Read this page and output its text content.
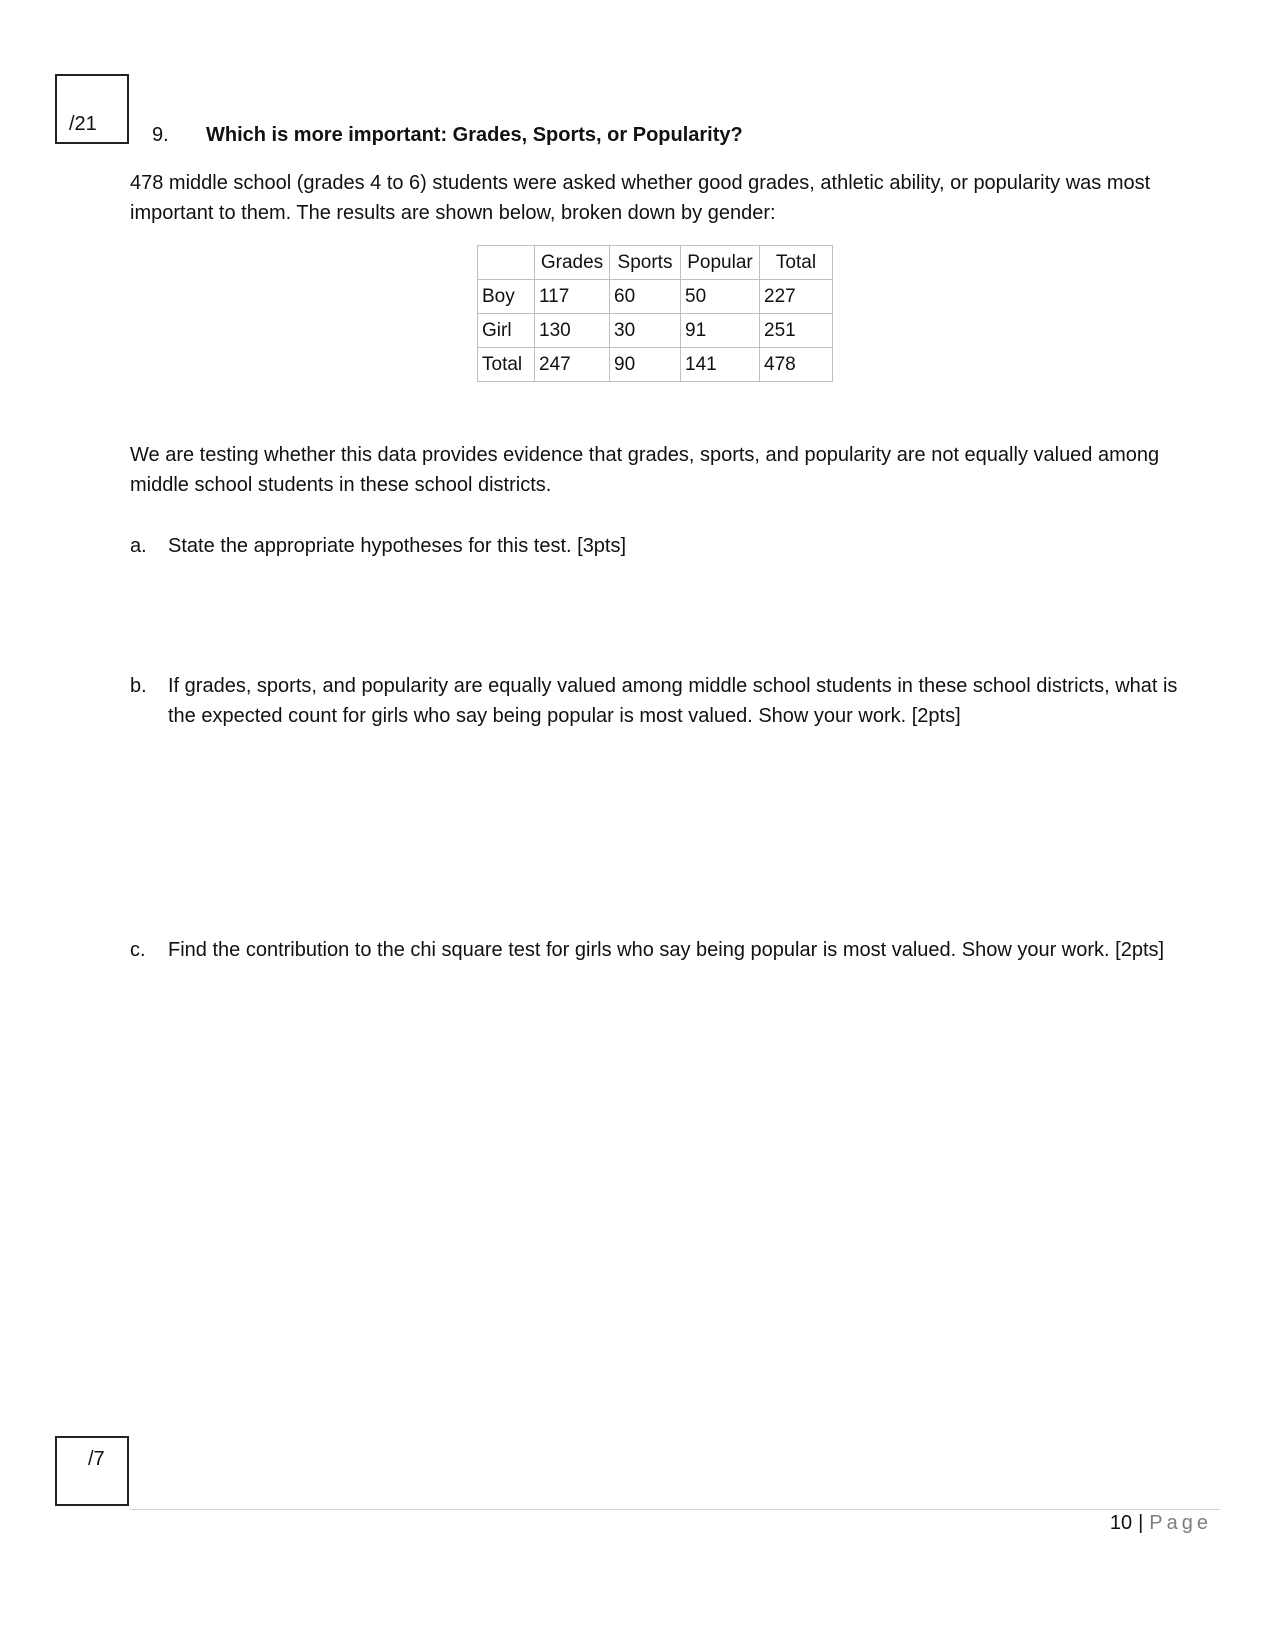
/21	9. Which is more important: Grades, Sports, or Popularity?
478 middle school (grades 4 to 6) students were asked whether good grades, athletic ability, or popularity was most important to them. The results are shown below, broken down by gender:
	Grades	Sports	Popular	Total
Boy	117	60	50	227
Girl	130	30	91	251
Total	247	90	141	478
We are testing whether this data provides evidence that grades, sports, and popularity are not equally valued among middle school students in these school districts.
a. State the appropriate hypotheses for this test. [3pts]
b. If grades, sports, and popularity are equally valued among middle school students in these school districts, what is the expected count for girls who say being popular is most valued. Show your work. [2pts]
c. Find the contribution to the chi square test for girls who say being popular is most valued. Show your work. [2pts]
/7
10 | Page
